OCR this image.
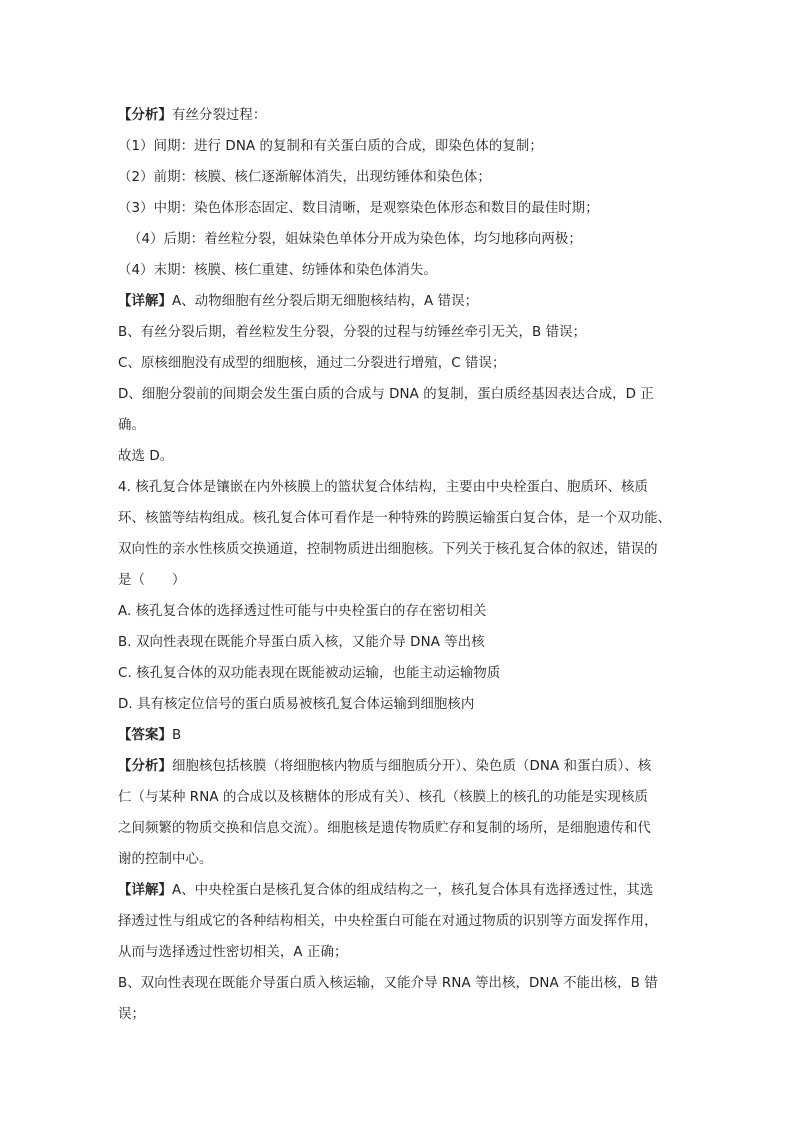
【分析】有丝分裂过程：
（1）间期：进行 DNA 的复制和有关蛋白质的合成，即染色体的复制；
（2）前期：核膜、核仁逐渐解体消失，出现纺锤体和染色体；
（3）中期：染色体形态固定、数目清晰，是观察染色体形态和数目的最佳时期；
（4）后期：着丝粒分裂，姐妹染色单体分开成为染色体，均匀地移向两极；
（4）末期：核膜、核仁重建、纺锤体和染色体消失。
【详解】A、动物细胞有丝分裂后期无细胞核结构，A 错误；
B、有丝分裂后期，着丝粒发生分裂，分裂的过程与纺锤丝牵引无关，B 错误；
C、原核细胞没有成型的细胞核，通过二分裂进行增殖，C 错误；
D、细胞分裂前的间期会发生蛋白质的合成与 DNA 的复制，蛋白质经基因表达合成，D 正
确。
故选 D。
4. 核孔复合体是镶嵌在内外核膜上的篮状复合体结构，主要由中央栓蛋白、胞质环、核质
环、核篮等结构组成。核孔复合体可看作是一种特殊的跨膜运输蛋白复合体，是一个双功能、
双向性的亲水性核质交换通道，控制物质进出细胞核。下列关于核孔复合体的叙述，错误的
是（　　）
A. 核孔复合体的选择透过性可能与中央栓蛋白的存在密切相关
B. 双向性表现在既能介导蛋白质入核，又能介导 DNA 等出核
C. 核孔复合体的双功能表现在既能被动运输，也能主动运输物质
D. 具有核定位信号的蛋白质易被核孔复合体运输到细胞核内
【答案】B
【分析】细胞核包括核膜（将细胞核内物质与细胞质分开）、染色质（DNA 和蛋白质）、核
仁（与某种 RNA 的合成以及核糖体的形成有关）、核孔（核膜上的核孔的功能是实现核质
之间频繁的物质交换和信息交流）。细胞核是遗传物质贮存和复制的场所，是细胞遗传和代
谢的控制中心。
【详解】A、中央栓蛋白是核孔复合体的组成结构之一，核孔复合体具有选择透过性，其选
择透过性与组成它的各种结构相关，中央栓蛋白可能在对通过物质的识别等方面发挥作用，
从而与选择透过性密切相关，A 正确；
B、双向性表现在既能介导蛋白质入核运输，又能介导 RNA 等出核，DNA 不能出核，B 错
误；
